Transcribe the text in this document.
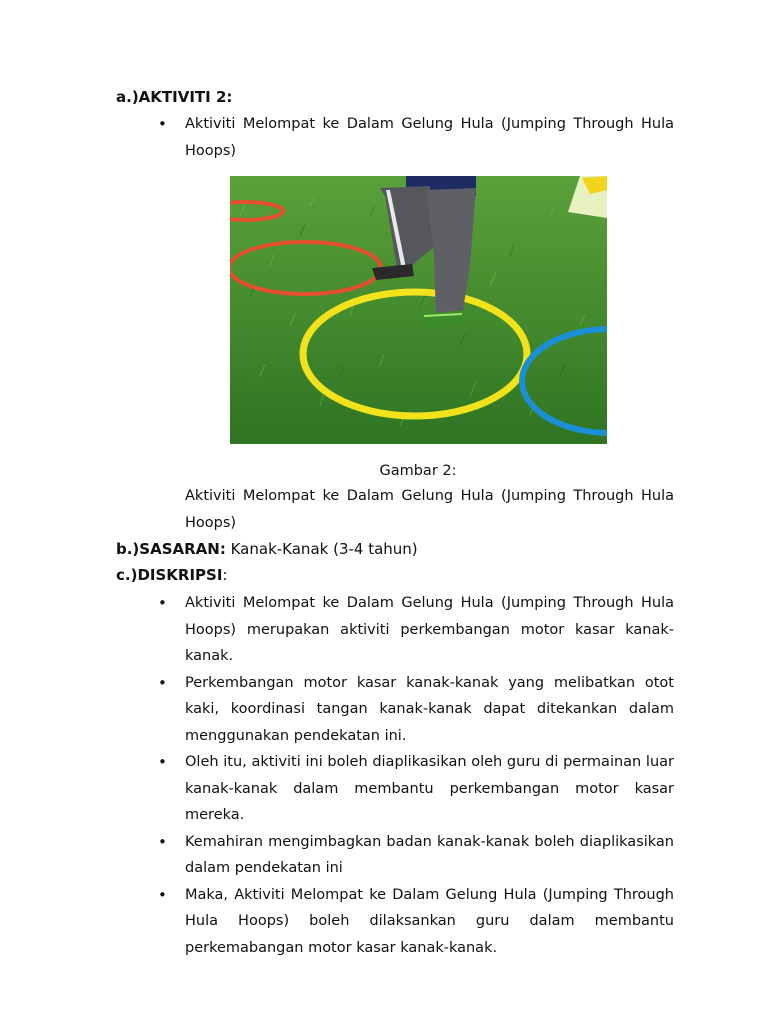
a.)AKTIVITI 2:
• Aktiviti Melompat ke Dalam Gelung Hula (Jumping Through Hula Hoops)
Gambar 2:
Aktiviti Melompat ke Dalam Gelung Hula (Jumping Through Hula Hoops)
b.)SASARAN: Kanak-Kanak (3-4 tahun)
c.)DISKRIPSI:
• Aktiviti Melompat ke Dalam Gelung Hula (Jumping Through Hula Hoops) merupakan aktiviti perkembangan motor kasar kanak-kanak.
• Perkembangan motor kasar kanak-kanak yang melibatkan otot kaki, koordinasi tangan kanak-kanak dapat ditekankan dalam menggunakan pendekatan ini.
• Oleh itu, aktiviti ini boleh diaplikasikan oleh guru di permainan luar kanak-kanak dalam membantu perkembangan motor kasar mereka.
• Kemahiran mengimbagkan badan kanak-kanak boleh diaplikasikan dalam pendekatan ini
• Maka, Aktiviti Melompat ke Dalam Gelung Hula (Jumping Through Hula Hoops) boleh dilaksankan guru dalam membantu perkemabangan motor kasar kanak-kanak.
